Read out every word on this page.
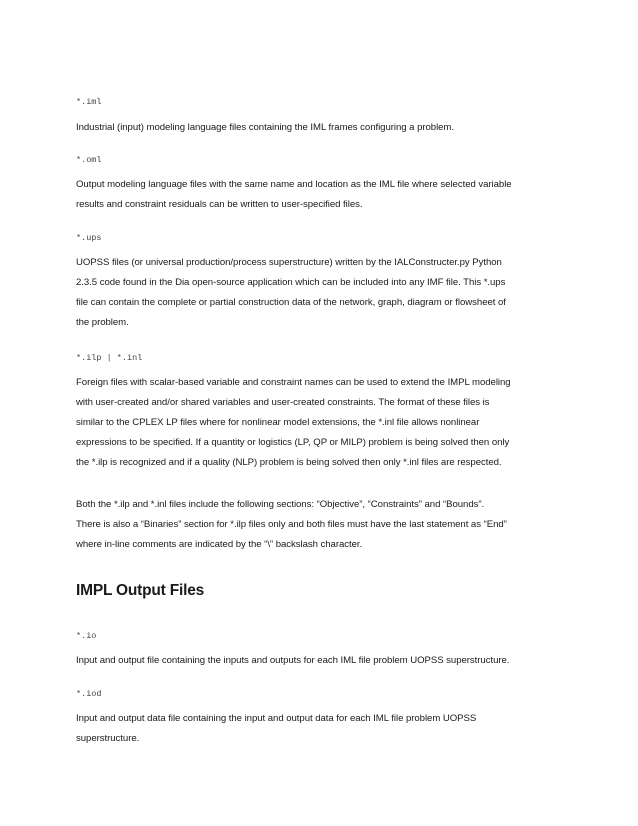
*.iml

Industrial (input) modeling language files containing the IML frames configuring a problem.

*.oml

Output modeling language files with the same name and location as the IML file where selected variable
results and constraint residuals can be written to user-specified files.

*.ups

UOPSS files (or universal production/process superstructure) written by the IALConstructer.py Python
2.3.5 code found in the Dia open-source application which can be included into any IMF file. This *.ups
file can contain the complete or partial construction data of the network, graph, diagram or flowsheet of
the problem.

*.ilp | *.inl

Foreign files with scalar-based variable and constraint names can be used to extend the IMPL modeling
with user-created and/or shared variables and user-created constraints. The format of these files is
similar to the CPLEX LP files where for nonlinear model extensions, the *.inl file allows nonlinear
expressions to be specified. If a quantity or logistics (LP, QP or MILP) problem is being solved then only
the *.ilp is recognized and if a quality (NLP) problem is being solved then only *.inl files are respected.

Both the *.ilp and *.inl files include the following sections: “Objective”, “Constraints” and “Bounds”.
There is also a “Binaries” section for *.ilp files only and both files must have the last statement as “End”
where in-line comments are indicated by the “\” backslash character.

IMPL Output Files
*.io

Input and output file containing the inputs and outputs for each IML file problem UOPSS superstructure.

*.iod

Input and output data file containing the input and output data for each IML file problem UOPSS
superstructure.
